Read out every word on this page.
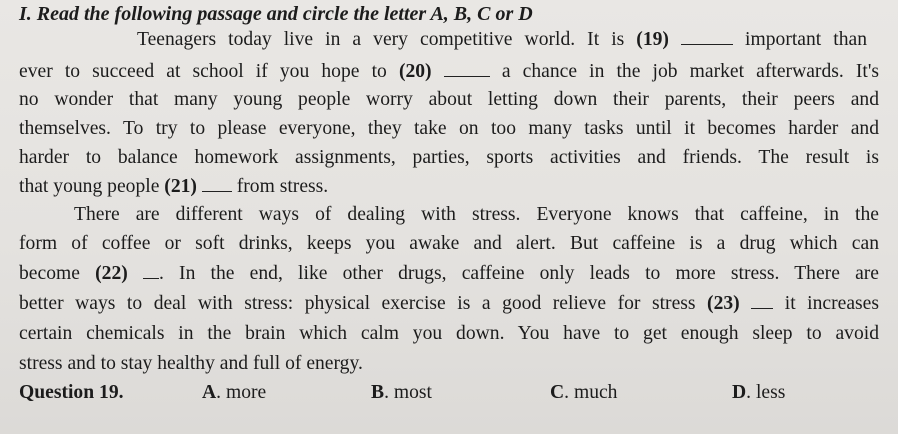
I. Read the following passage and circle the letter A, B, C or D
Teenagers today live in a very competitive world. It is (19)	important than
ever to succeed at school if you hope to (20)	a chance in the job market afterwards. It's
no wonder that many young people worry about letting down their parents, their peers and
themselves. To try to please everyone, they take on too many tasks until it becomes harder and
harder to balance homework assignments, parties, sports activities and friends. The result is
that young people (21)  from stress.
There are different ways of dealing with stress. Everyone knows that caffeine, in the
form of coffee or soft drinks, keeps you awake and alert. But caffeine is a drug which can
become (22) . In the end, like other drugs, caffeine only leads to more stress. There are
better ways to deal with stress: physical exercise is a good relieve for stress (23)  it increases
certain chemicals in the brain which calm you down. You have to get enough sleep to avoid
stress and to stay healthy and full of energy.
Question 19.	A. more	B. most	C. much	D. less
